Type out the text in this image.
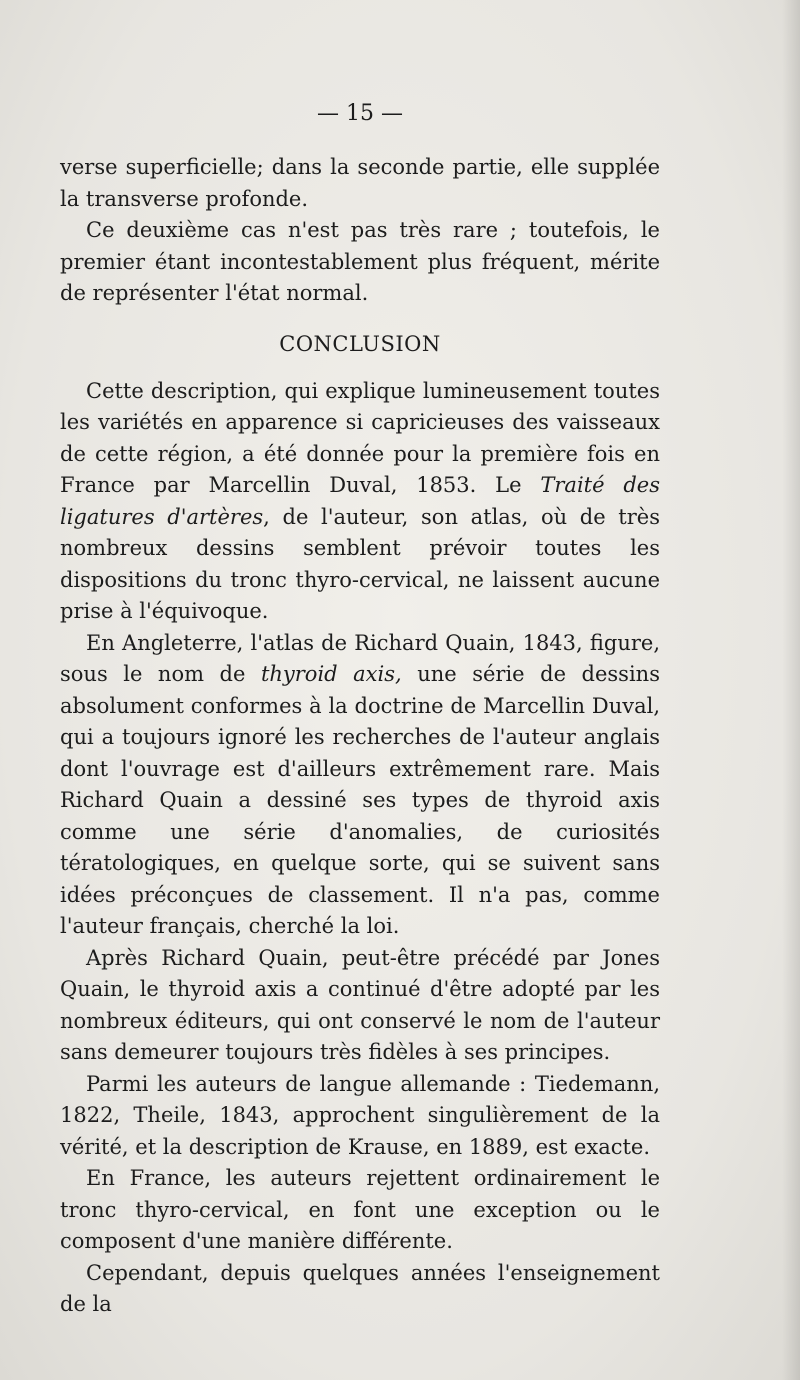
— 15 —

verse superficielle; dans la seconde partie, elle supplée la transverse profonde.

Ce deuxième cas n'est pas très rare ; toutefois, le premier étant incontestablement plus fréquent, mérite de représenter l'état normal.

CONCLUSION

Cette description, qui explique lumineusement toutes les variétés en apparence si capricieuses des vaisseaux de cette région, a été donnée pour la première fois en France par Marcellin Duval, 1853. Le Traité des ligatures d'artères, de l'auteur, son atlas, où de très nombreux dessins semblent prévoir toutes les dispositions du tronc thyro-cervical, ne laissent aucune prise à l'équivoque.

En Angleterre, l'atlas de Richard Quain, 1843, figure, sous le nom de thyroid axis, une série de dessins absolument conformes à la doctrine de Marcellin Duval, qui a toujours ignoré les recherches de l'auteur anglais dont l'ouvrage est d'ailleurs extrêmement rare. Mais Richard Quain a dessiné ses types de thyroid axis comme une série d'anomalies, de curiosités tératologiques, en quelque sorte, qui se suivent sans idées préconçues de classement. Il n'a pas, comme l'auteur français, cherché la loi.

Après Richard Quain, peut-être précédé par Jones Quain, le thyroid axis a continué d'être adopté par les nombreux éditeurs, qui ont conservé le nom de l'auteur sans demeurer toujours très fidèles à ses principes.

Parmi les auteurs de langue allemande : Tiedemann, 1822, Theile, 1843, approchent singulièrement de la vérité, et la description de Krause, en 1889, est exacte.

En France, les auteurs rejettent ordinairement le tronc thyro-cervical, en font une exception ou le composent d'une manière différente.

Cependant, depuis quelques années l'enseignement de la
